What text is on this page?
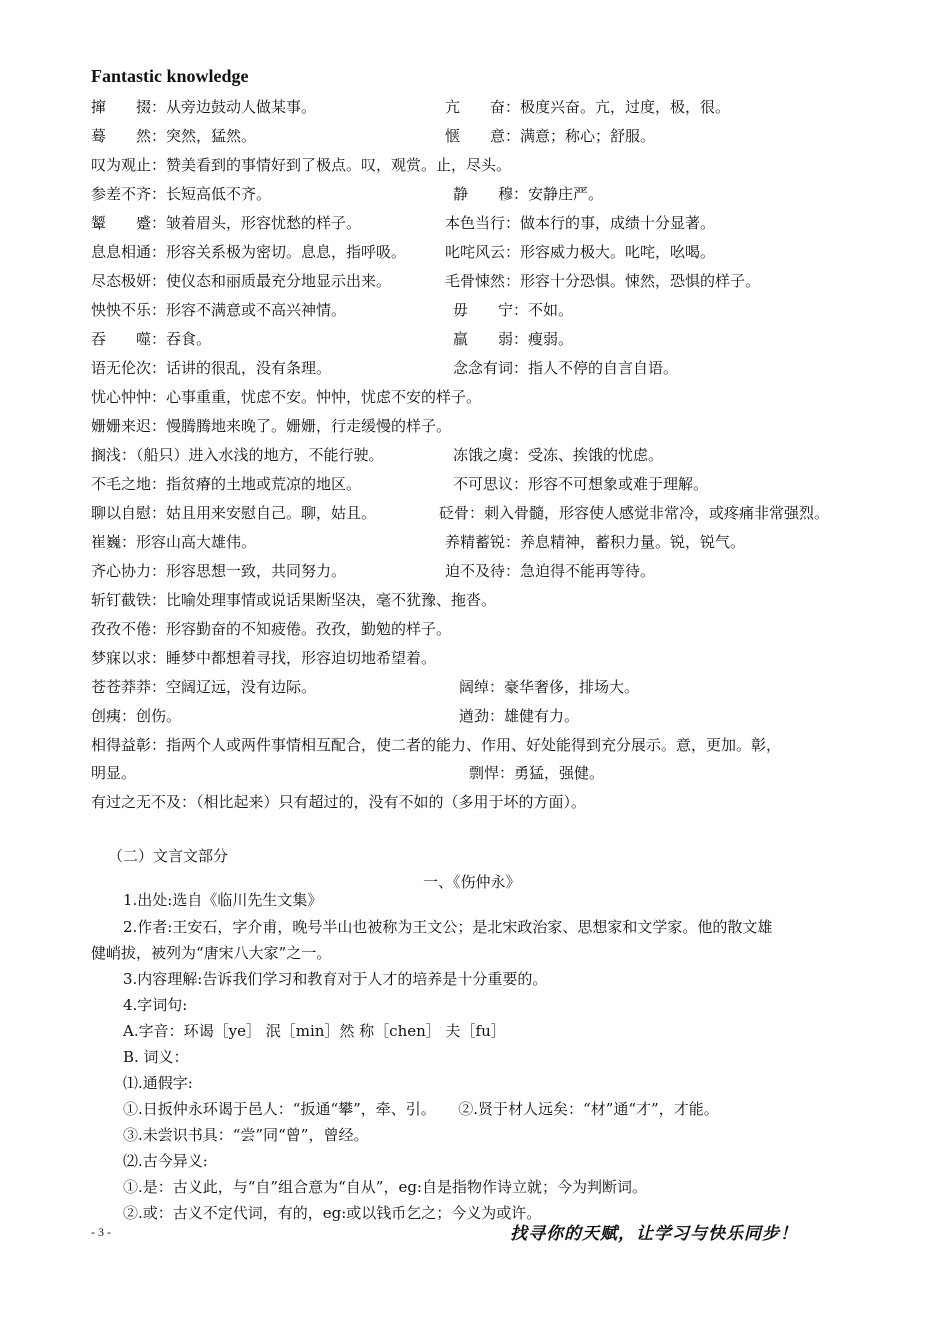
Fantastic knowledge
撺　　掇：从旁边鼓动人做某事。	亢　　奋：极度兴奋。亢，过度，极，很。
蓦　　然：突然，猛然。	惬　　意：满意；称心；舒服。
叹为观止：赞美看到的事情好到了极点。叹，观赏。止，尽头。
参差不齐：长短高低不齐。	静　　穆：安静庄严。
颦　　蹙：皱着眉头，形容忧愁的样子。	本色当行：做本行的事，成绩十分显著。
息息相通：形容关系极为密切。息息，指呼吸。	叱咤风云：形容威力极大。叱咤，吆喝。
尽态极妍：使仪态和丽质最充分地显示出来。	毛骨悚然：形容十分恐惧。悚然，恐惧的样子。
怏怏不乐：形容不满意或不高兴神情。	毋　　宁：不如。
吞　　噬：吞食。	羸　　弱：瘦弱。
语无伦次：话讲的很乱，没有条理。	念念有词：指人不停的自言自语。
忧心忡忡：心事重重，忧虑不安。忡忡，忧虑不安的样子。
姗姗来迟：慢腾腾地来晚了。姗姗，行走缓慢的样子。
搁浅：（船只）进入水浅的地方，不能行驶。	冻饿之虞：受冻、挨饿的忧虑。
不毛之地：指贫瘠的土地或荒凉的地区。	不可思议：形容不可想象或难于理解。
聊以自慰：姑且用来安慰自己。聊，姑且。	砭骨：刺入骨髓，形容使人感觉非常冷，或疼痛非常强烈。
崔巍：形容山高大雄伟。	养精蓄锐：养息精神，蓄积力量。锐，锐气。
齐心协力：形容思想一致，共同努力。	迫不及待：急迫得不能再等待。
斩钉截铁：比喻处理事情或说话果断坚决，毫不犹豫、拖沓。
孜孜不倦：形容勤奋的不知疲倦。孜孜，勤勉的样子。
梦寐以求：睡梦中都想着寻找，形容迫切地希望着。
苍苍莽莽：空阔辽远，没有边际。	阔绰：豪华奢侈，排场大。
创痍：创伤。	遒劲：雄健有力。
相得益彰：指两个人或两件事情相互配合，使二者的能力、作用、好处能得到充分展示。意，更加。彰，
明显。	剽悍：勇猛，强健。
有过之无不及：（相比起来）只有超过的，没有不如的（多用于坏的方面）。
（二）文言文部分
一、《伤仲永》
1.出处:选自《临川先生文集》
2.作者:王安石，字介甫，晚号半山也被称为王文公；是北宋政治家、思想家和文学家。他的散文雄
健峭拔，被列为“唐宋八大家”之一。
3.内容理解:告诉我们学习和教育对于人才的培养是十分重要的。
4.字词句:
A.字音：环谒［ye］ 泯［min］然 称［chen］ 夫［fu］
B. 词义：
⑴.通假字:
①.日扳仲永环谒于邑人：“扳通“攀”，牵、引。　　②.贤于材人远矣：“材”通“才”，才能。
③.未尝识书具：“尝”同“曾”，曾经。
⑵.古今异义:
①.是：古义此，与“自”组合意为“自从”，eg:自是指物作诗立就；今为判断词。
②.或：古义不定代词，有的，eg:或以钱币乞之；今义为或许。
- 3 -	找寻你的天赋，让学习与快乐同步！
